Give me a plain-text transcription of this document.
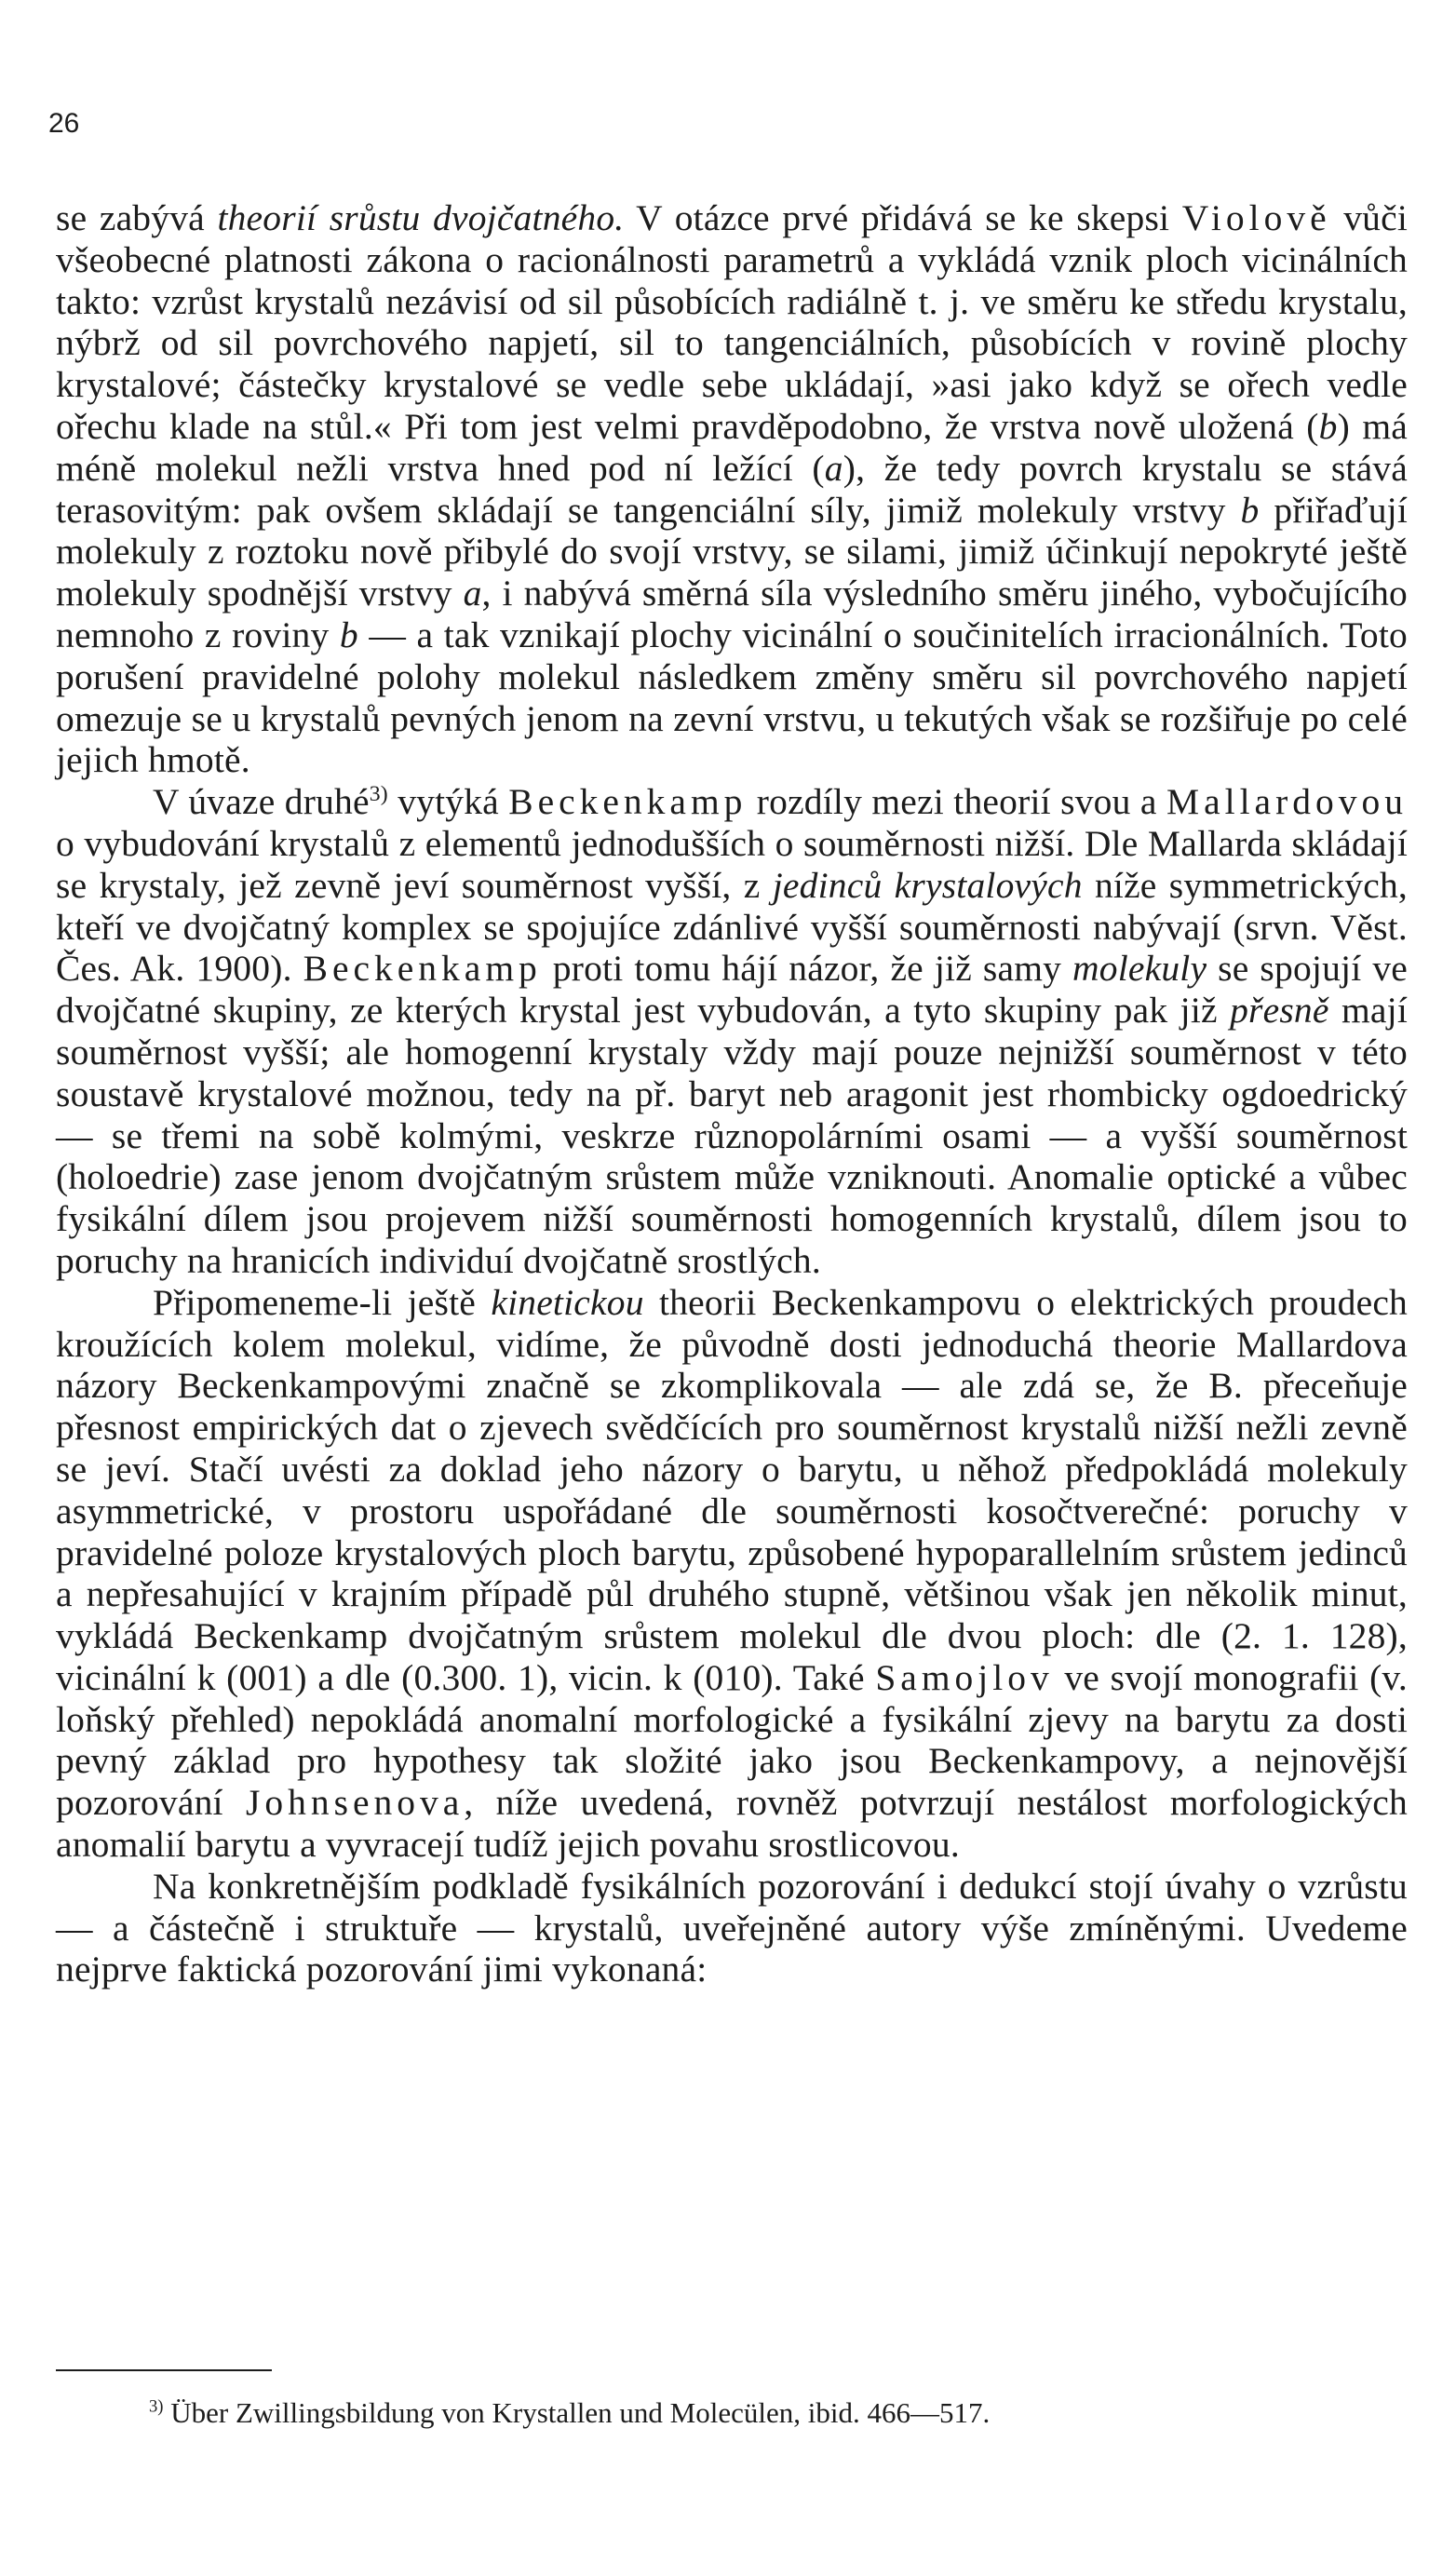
26

se zabývá theorií srůstu dvojčatného. V otázce prvé přidává se ke skepsi Violově vůči všeobecné platnosti zákona o racionálnosti parametrů a vykládá vznik ploch vicinálních takto: vzrůst krystalů nezávisí od sil působících radiálně t. j. ve směru ke středu krystalu, nýbrž od sil povrchového napjetí, sil to tangenciálních, působících v rovině plochy krystalové; částečky krystalové se vedle sebe ukládají, »asi jako když se ořech vedle ořechu klade na stůl.« Při tom jest velmi pravděpodobno, že vrstva nově uložená (b) má méně molekul nežli vrstva hned pod ní ležící (a), že tedy povrch krystalu se stává terasovitým: pak ovšem skládají se tangenciální síly, jimiž molekuly vrstvy b přiřaďují molekuly z roztoku nově přibylé do svojí vrstvy, se silami, jimiž účinkují nepokryté ještě molekuly spodnější vrstvy a, i nabývá směrná síla výsledního směru jiného, vybočujícího nemnoho z roviny b — a tak vznikají plochy vicinální o součinitelích irracionálních. Toto porušení pravidelné polohy molekul následkem změny směru sil povrchového napjetí omezuje se u krystalů pevných jenom na zevní vrstvu, u tekutých však se rozšiřuje po celé jejich hmotě.

V úvaze druhé$^{3)}$ vytýká Beckenkamp rozdíly mezi theorií svou a Mallardovou o vybudování krystalů z elementů jednodušších o souměrnosti nižší. Dle Mallarda skládají se krystaly, jež zevně jeví souměrnost vyšší, z jedinců krystalových níže symmetrických, kteří ve dvojčatný komplex se spojujíce zdánlivé vyšší souměrnosti nabývají (srvn. Věst. Čes. Ak. 1900). Beckenkamp proti tomu hájí názor, že již samy molekuly se spojují ve dvojčatné skupiny, ze kterých krystal jest vybudován, a tyto skupiny pak již přesně mají souměrnost vyšší; ale homogenní krystaly vždy mají pouze nejnižší souměrnost v této soustavě krystalové možnou, tedy na př. baryt neb aragonit jest rhombicky ogdoedrický — se třemi na sobě kolmými, veskrze různopolárními osami — a vyšší souměrnost (holoedrie) zase jenom dvojčatným srůstem může vzniknouti. Anomalie optické a vůbec fysikální dílem jsou projevem nižší souměrnosti homogenních krystalů, dílem jsou to poruchy na hranicích individuí dvojčatně srostlých.

Připomeneme-li ještě kinetickou theorii Beckenkampovu o elektrických proudech kroužících kolem molekul, vidíme, že původně dosti jednoduchá theorie Mallardova názory Beckenkampovými značně se zkomplikovala — ale zdá se, že B. přeceňuje přesnost empirických dat o zjevech svědčících pro souměrnost krystalů nižší nežli zevně se jeví. Stačí uvésti za doklad jeho názory o barytu, u něhož předpokládá molekuly asymmetrické, v prostoru uspořádané dle souměrnosti kosočtverečné: poruchy v pravidelné poloze krystalových ploch barytu, způsobené hypoparallelním srůstem jedinců a nepřesahující v krajním případě půl druhého stupně, většinou však jen několik minut, vykládá Beckenkamp dvojčatným srůstem molekul dle dvou ploch: dle (2. 1. 128), vicinální k (001) a dle (0.300. 1), vicin. k (010). Také Samojlov ve svojí monografii (v. loňský přehled) nepokládá anomalní morfologické a fysikální zjevy na barytu za dosti pevný základ pro hypothesy tak složité jako jsou Beckenkampovy, a nejnovější pozorování Johnsenova, níže uvedená, rovněž potvrzují nestálost morfologických anomalií barytu a vyvracejí tudíž jejich povahu srostlicovou.

Na konkretnějším podkladě fysikálních pozorování i dedukcí stojí úvahy o vzrůstu — a částečně i struktuře — krystalů, uveřejněné autory výše zmíněnými. Uvedeme nejprve faktická pozorování jimi vykonaná:

$^{3)}$ Über Zwillingsbildung von Krystallen und Molecülen, ibid. 466—517.
